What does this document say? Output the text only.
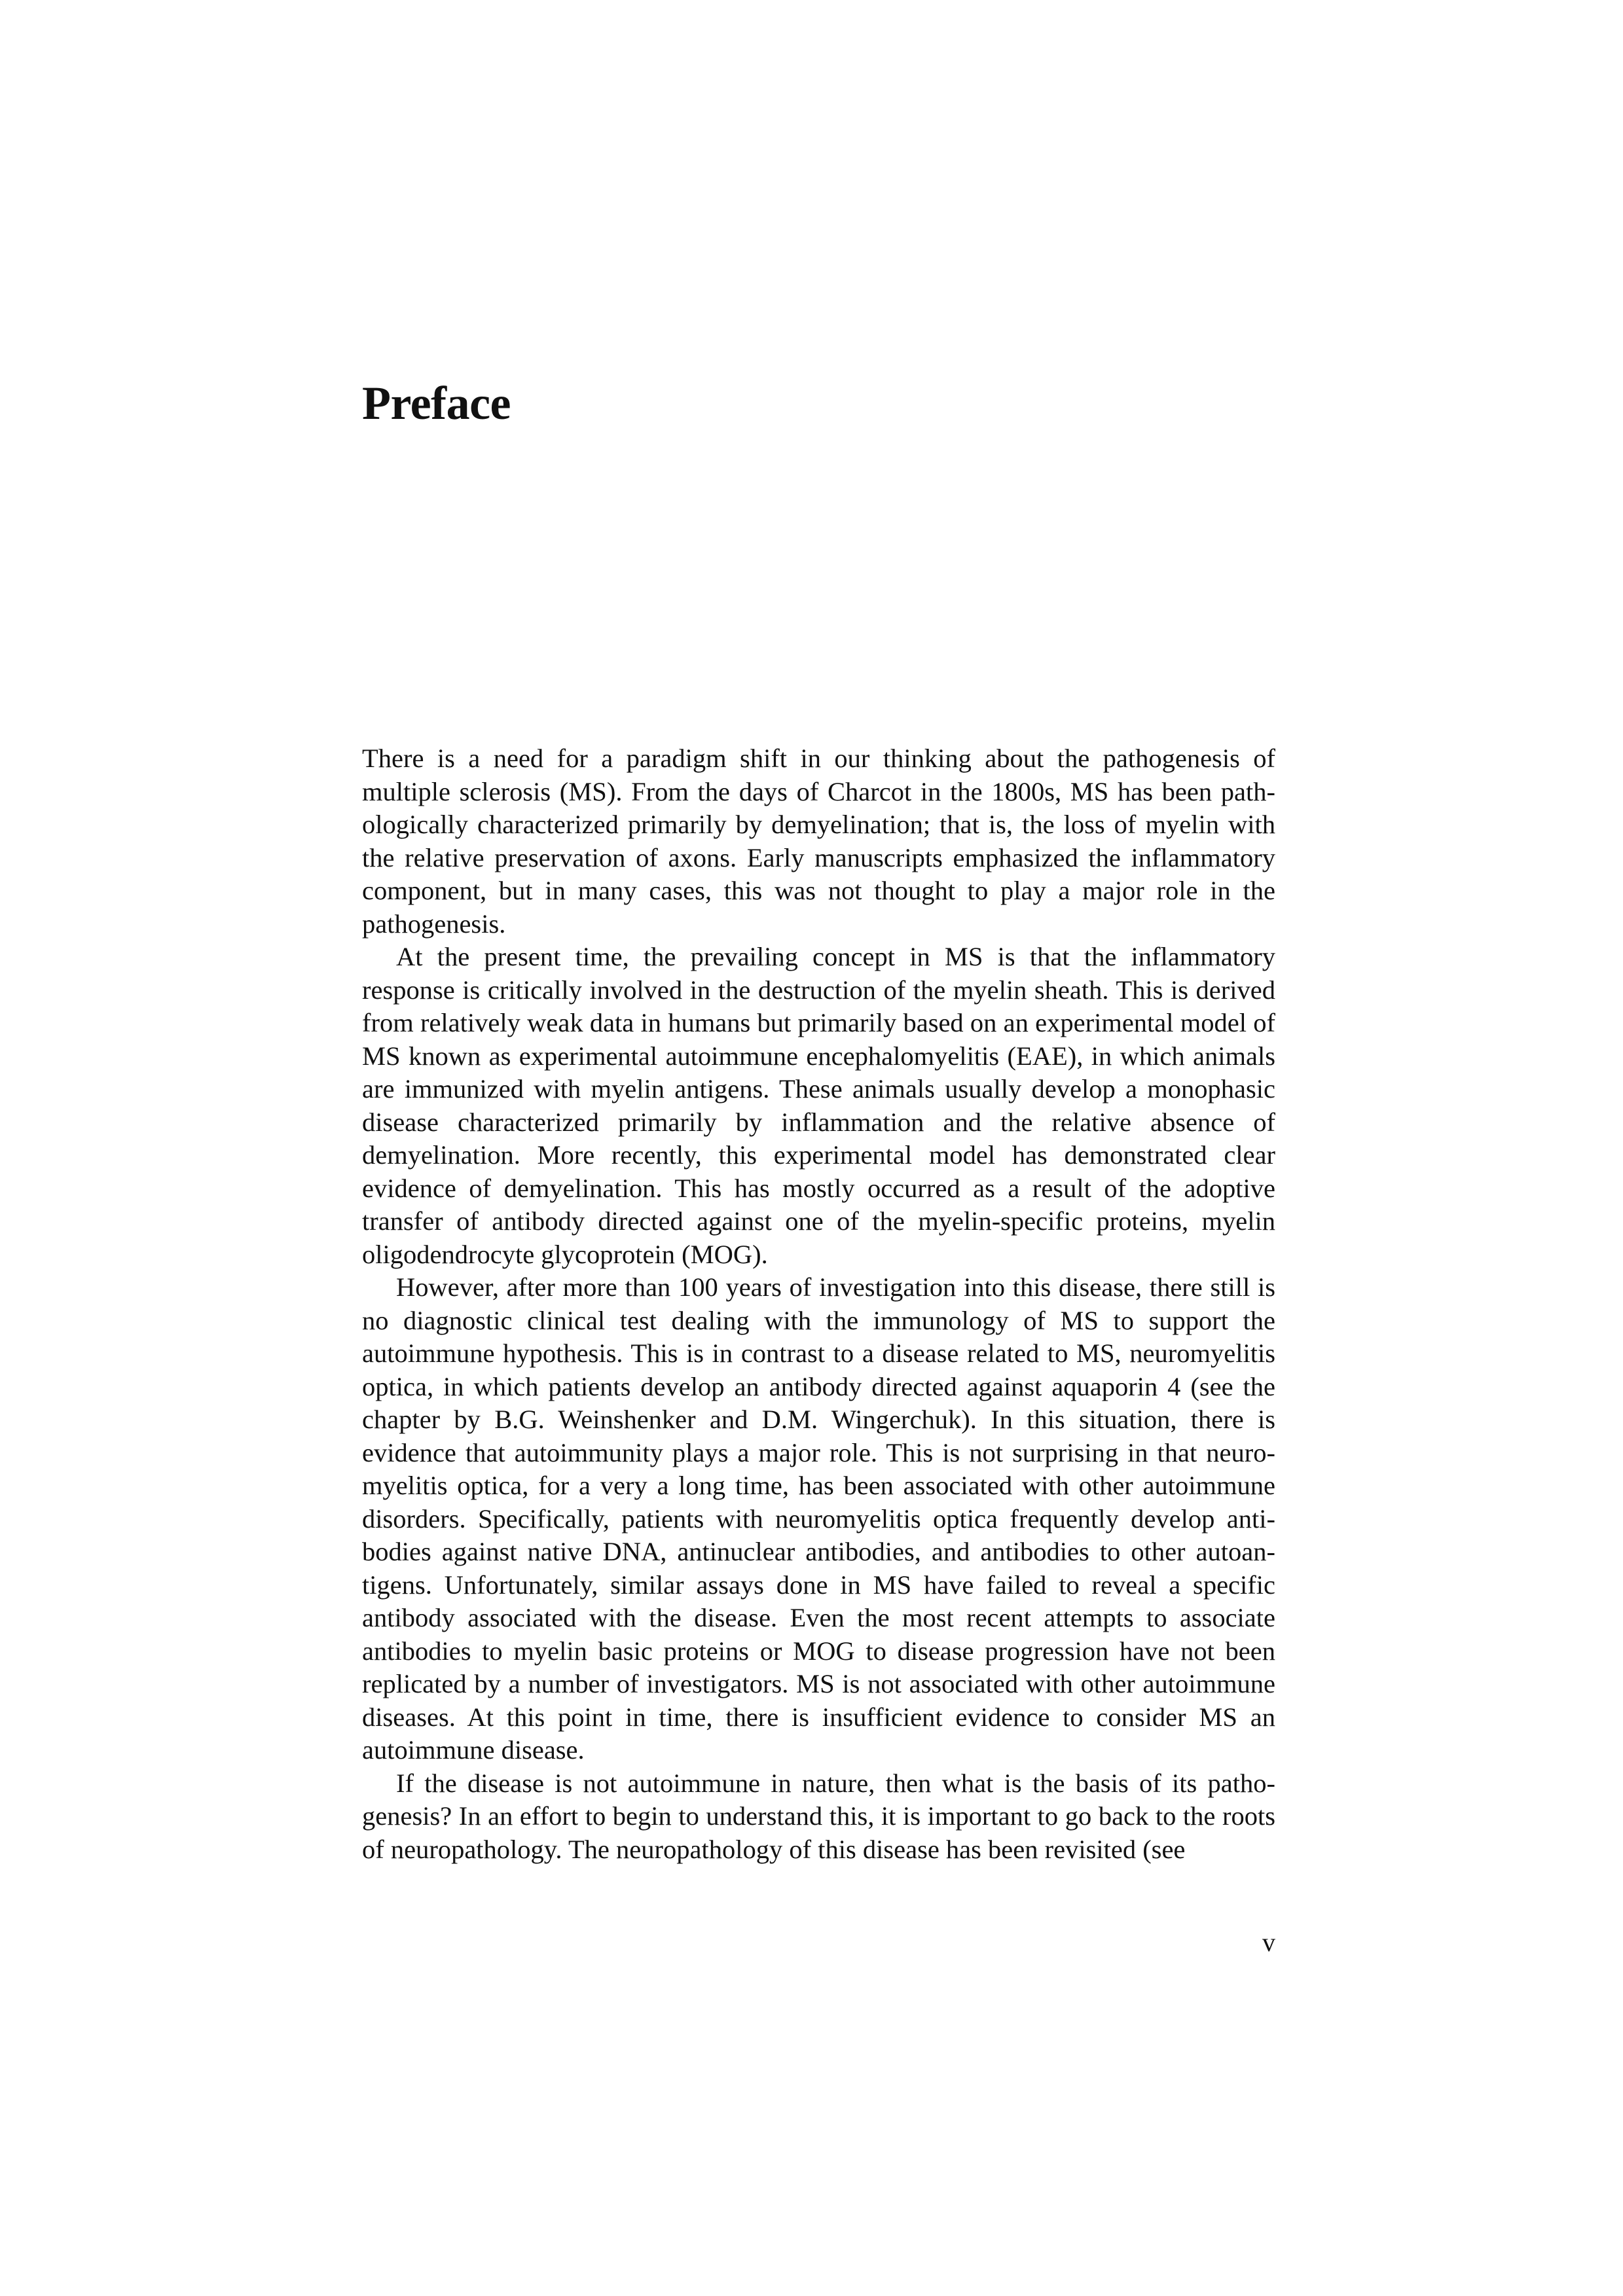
Preface

There is a need for a paradigm shift in our thinking about the pathogenesis of multiple sclerosis (MS). From the days of Charcot in the 1800s, MS has been pathologically characterized primarily by demyelination; that is, the loss of myelin with the relative preservation of axons. Early manuscripts emphasized the inflammatory component, but in many cases, this was not thought to play a major role in the pathogenesis.

At the present time, the prevailing concept in MS is that the inflammatory response is critically involved in the destruction of the myelin sheath. This is derived from relatively weak data in humans but primarily based on an experimental model of MS known as experimental autoimmune encephalomyelitis (EAE), in which animals are immunized with myelin antigens. These animals usually develop a monophasic disease characterized primarily by inflammation and the relative absence of demyelination. More recently, this experimental model has demonstrated clear evidence of demyelination. This has mostly occurred as a result of the adoptive transfer of antibody directed against one of the myelin-specific proteins, myelin oligodendrocyte glycoprotein (MOG).

However, after more than 100 years of investigation into this disease, there still is no diagnostic clinical test dealing with the immunology of MS to support the autoimmune hypothesis. This is in contrast to a disease related to MS, neuromyelitis optica, in which patients develop an antibody directed against aquaporin 4 (see the chapter by B.G. Weinshenker and D.M. Wingerchuk). In this situation, there is evidence that autoimmunity plays a major role. This is not surprising in that neuromyelitis optica, for a very a long time, has been associated with other autoimmune disorders. Specifically, patients with neuromyelitis optica frequently develop antibodies against native DNA, antinuclear antibodies, and antibodies to other autoantigens. Unfortunately, similar assays done in MS have failed to reveal a specific antibody associated with the disease. Even the most recent attempts to associate antibodies to myelin basic proteins or MOG to disease progression have not been replicated by a number of investigators. MS is not associated with other autoimmune diseases. At this point in time, there is insufficient evidence to consider MS an autoimmune disease.

If the disease is not autoimmune in nature, then what is the basis of its pathogenesis? In an effort to begin to understand this, it is important to go back to the roots of neuropathology. The neuropathology of this disease has been revisited (see

v
